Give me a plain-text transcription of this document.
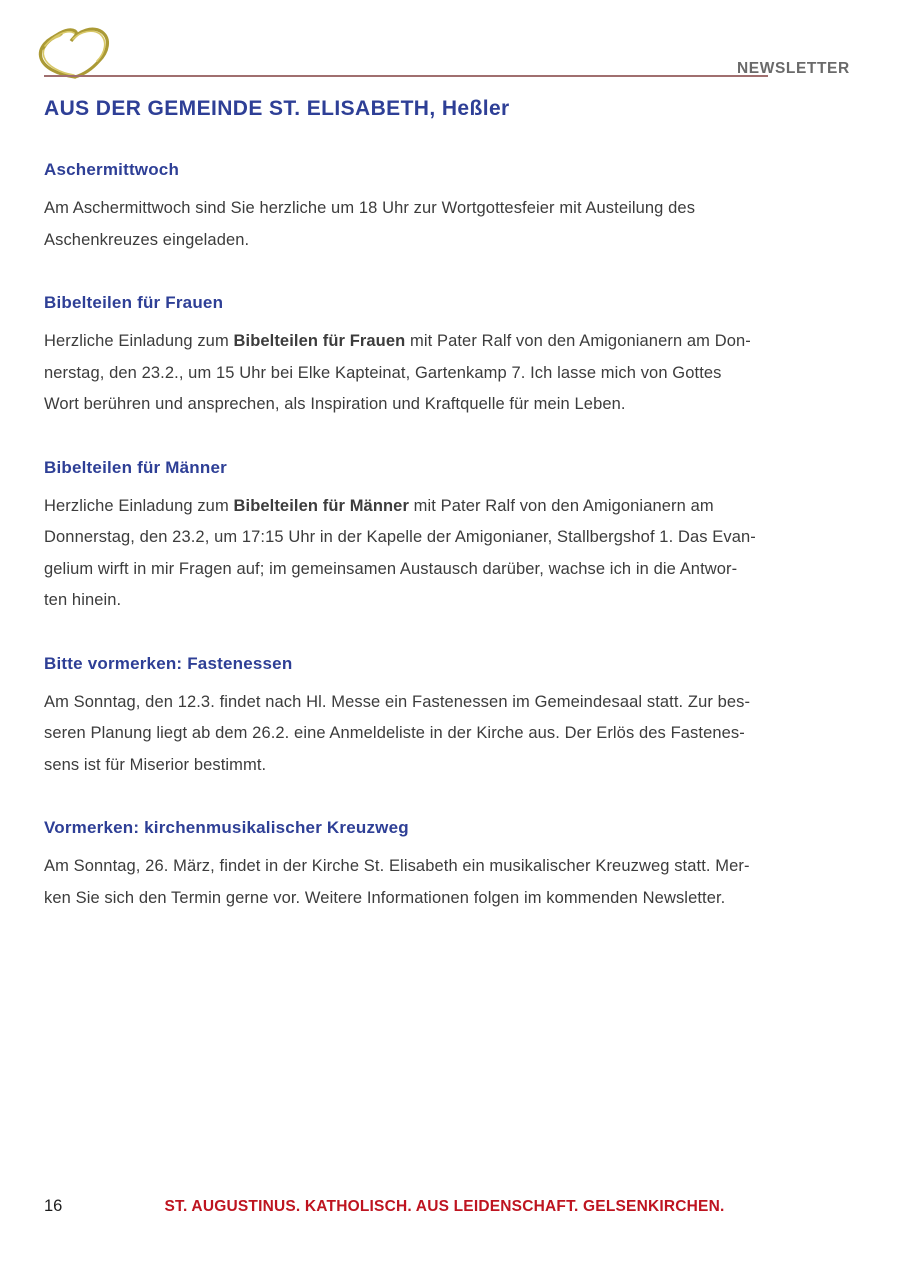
NEWSLETTER
AUS DER GEMEINDE ST. ELISABETH, Heßler
Aschermittwoch

Am Aschermittwoch sind Sie herzliche um 18 Uhr zur Wortgottesfeier mit Austeilung des
Aschenkreuzes eingeladen.

Bibelteilen für Frauen

Herzliche Einladung zum Bibelteilen für Frauen mit Pater Ralf von den Amigonianern am Don-
nerstag, den 23.2., um 15 Uhr bei Elke Kapteinat, Gartenkamp 7. Ich lasse mich von Gottes
Wort berühren und ansprechen, als Inspiration und Kraftquelle für mein Leben.

Bibelteilen für Männer

Herzliche Einladung zum Bibelteilen für Männer mit Pater Ralf von den Amigonianern am
Donnerstag, den 23.2, um 17:15 Uhr in der Kapelle der Amigonianer, Stallbergshof 1. Das Evan-
gelium wirft in mir Fragen auf; im gemeinsamen Austausch darüber, wachse ich in die Antwor-
ten hinein.

Bitte vormerken: Fastenessen

Am Sonntag, den 12.3. findet nach Hl. Messe ein Fastenessen im Gemeindesaal statt. Zur bes-
seren Planung liegt ab dem 26.2. eine Anmeldeliste in der Kirche aus. Der Erlös des Fastenes-
sens ist für Miserior bestimmt.

Vormerken: kirchenmusikalischer Kreuzweg

Am Sonntag, 26. März, findet in der Kirche St. Elisabeth ein musikalischer Kreuzweg statt. Mer-
ken Sie sich den Termin gerne vor. Weitere Informationen folgen im kommenden Newsletter.

16	ST. AUGUSTINUS. KATHOLISCH. AUS LEIDENSCHAFT. GELSENKIRCHEN.
